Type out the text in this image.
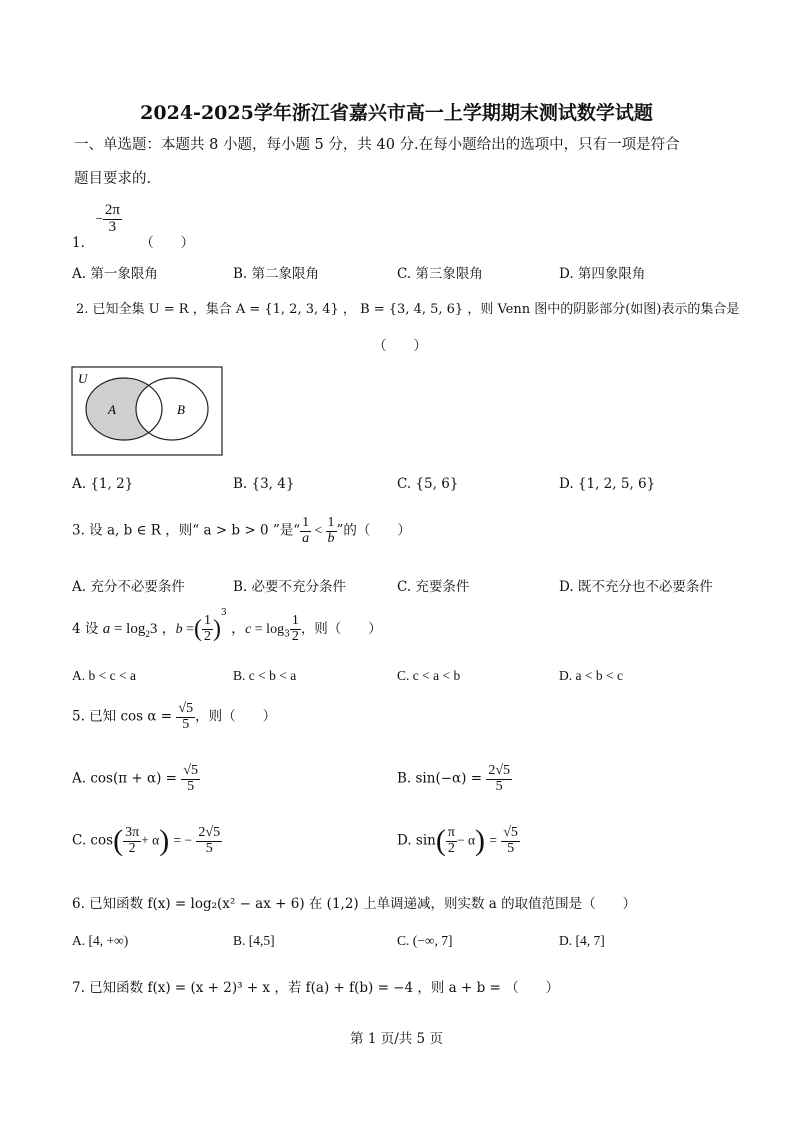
2024-2025学年浙江省嘉兴市高一上学期期末测试数学试题
一、单选题：本题共 8 小题，每小题 5 分，共 40 分.在每小题给出的选项中，只有一项是符合
题目要求的.
1. − $\frac{2\pi}{3}$
（　　）
A. 第一象限角	B. 第二象限角	C. 第三象限角	D. 第四象限角
2. 已知全集 U = R ，集合 A = {1, 2, 3, 4} ， B = {3, 4, 5, 6} ，则 Venn 图中的阴影部分(如图)表示的集合是
（　　）
U
A	B
A. {1, 2}	B. {3, 4}	C. {5, 6}	D. {1, 2, 5, 6}
3. 设 a, b ∈ R ，则“ a > b > 0 ”是“ $\frac{1}{a} < \frac{1}{b}$ ”的（　　）
A. 充分不必要条件	B. 必要不充分条件	C. 充要条件	D. 既不充分也不必要条件
4 设 $a = \log_23$ ，b =( $\frac{1}{2} )^3$ ，$c = \log_3 \frac{1}{2}$ ，则（　　）
A. b < c < a	B. c < b < a	C. c < a < b	D. a < b < c
5. 已知 $\cos \alpha = \frac{√5}{5}$ ，则（　　）
A. $\cos(\pi + \alpha) = \frac{√5}{5}$	B. $\sin(-\alpha) = \frac{2√5}{5}$
C. $\cos( \frac{3\pi}{2} + \alpha)$ = − $\frac{2√5}{5}$	D. $\sin( \frac{\pi}{2} - \alpha) = \frac{√5}{5}$
6. 已知函数 f(x) = log₂(x² − ax + 6) 在 (1,2) 上单调递减，则实数 a 的取值范围是（　　）
A. [4, +∞)	B. [4,5]	C. (−∞, 7]	D. [4, 7]
7. 已知函数 f(x) = (x + 2)³ + x ，若 f(a) + f(b) = −4 ，则 a + b = （　　）
第 1 页/共 5 页
